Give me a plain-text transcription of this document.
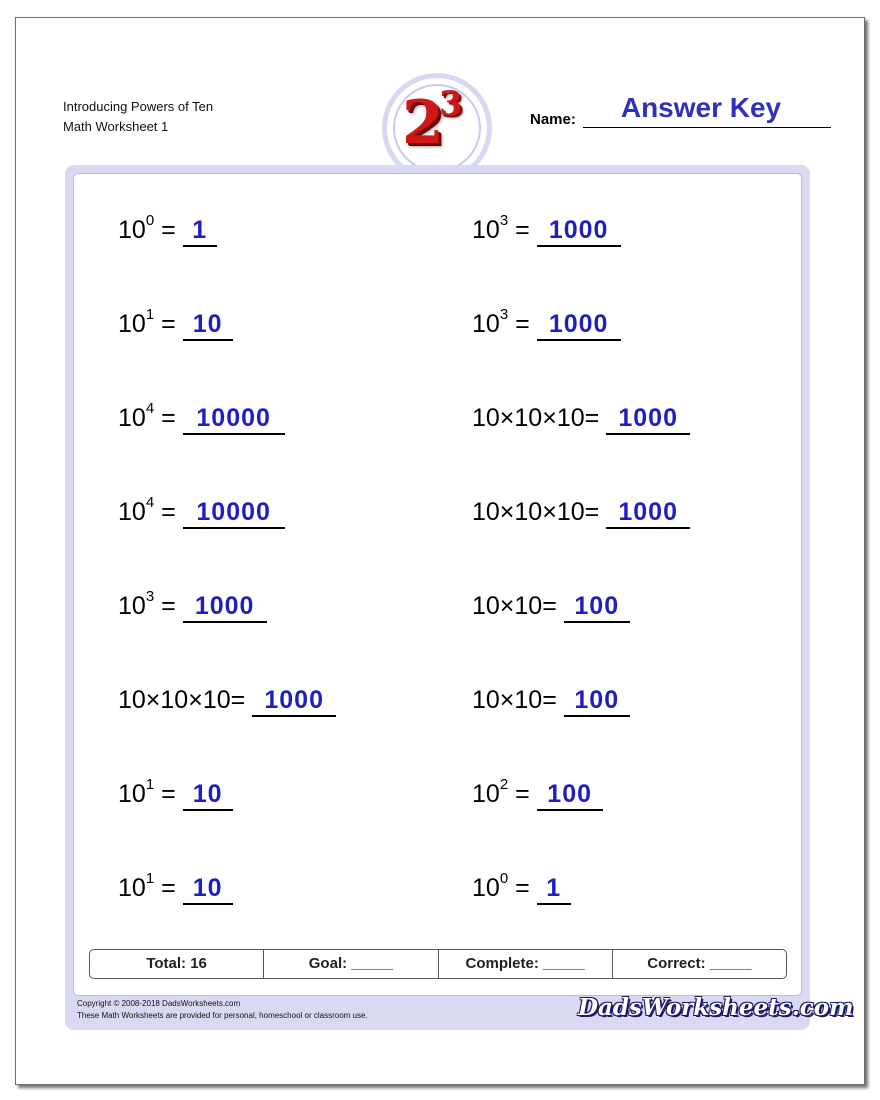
Introducing Powers of Ten
Math Worksheet 1	2
3	Name:	Answer Key
$10^0 = 1$	$10^3 = 1000$
$10^1 = 10$	$10^3 = 1000$
$10^4 = 10000$	10×10×10= 1000
$10^4 = 10000$	10×10×10= 1000
$10^3 = 1000$	10×10= 100
10×10×10= 1000	10×10= 100
$10^1 = 10$	$10^2 = 100$
$10^1 = 10$	$10^0 = 1$
Total: 16	Goal: _____	Complete: _____	Correct: _____
Copyright © 2008-2018 DadsWorksheets.com
These Math Worksheets are provided for personal, homeschool or classroom use.	DadsWorksheets.com
